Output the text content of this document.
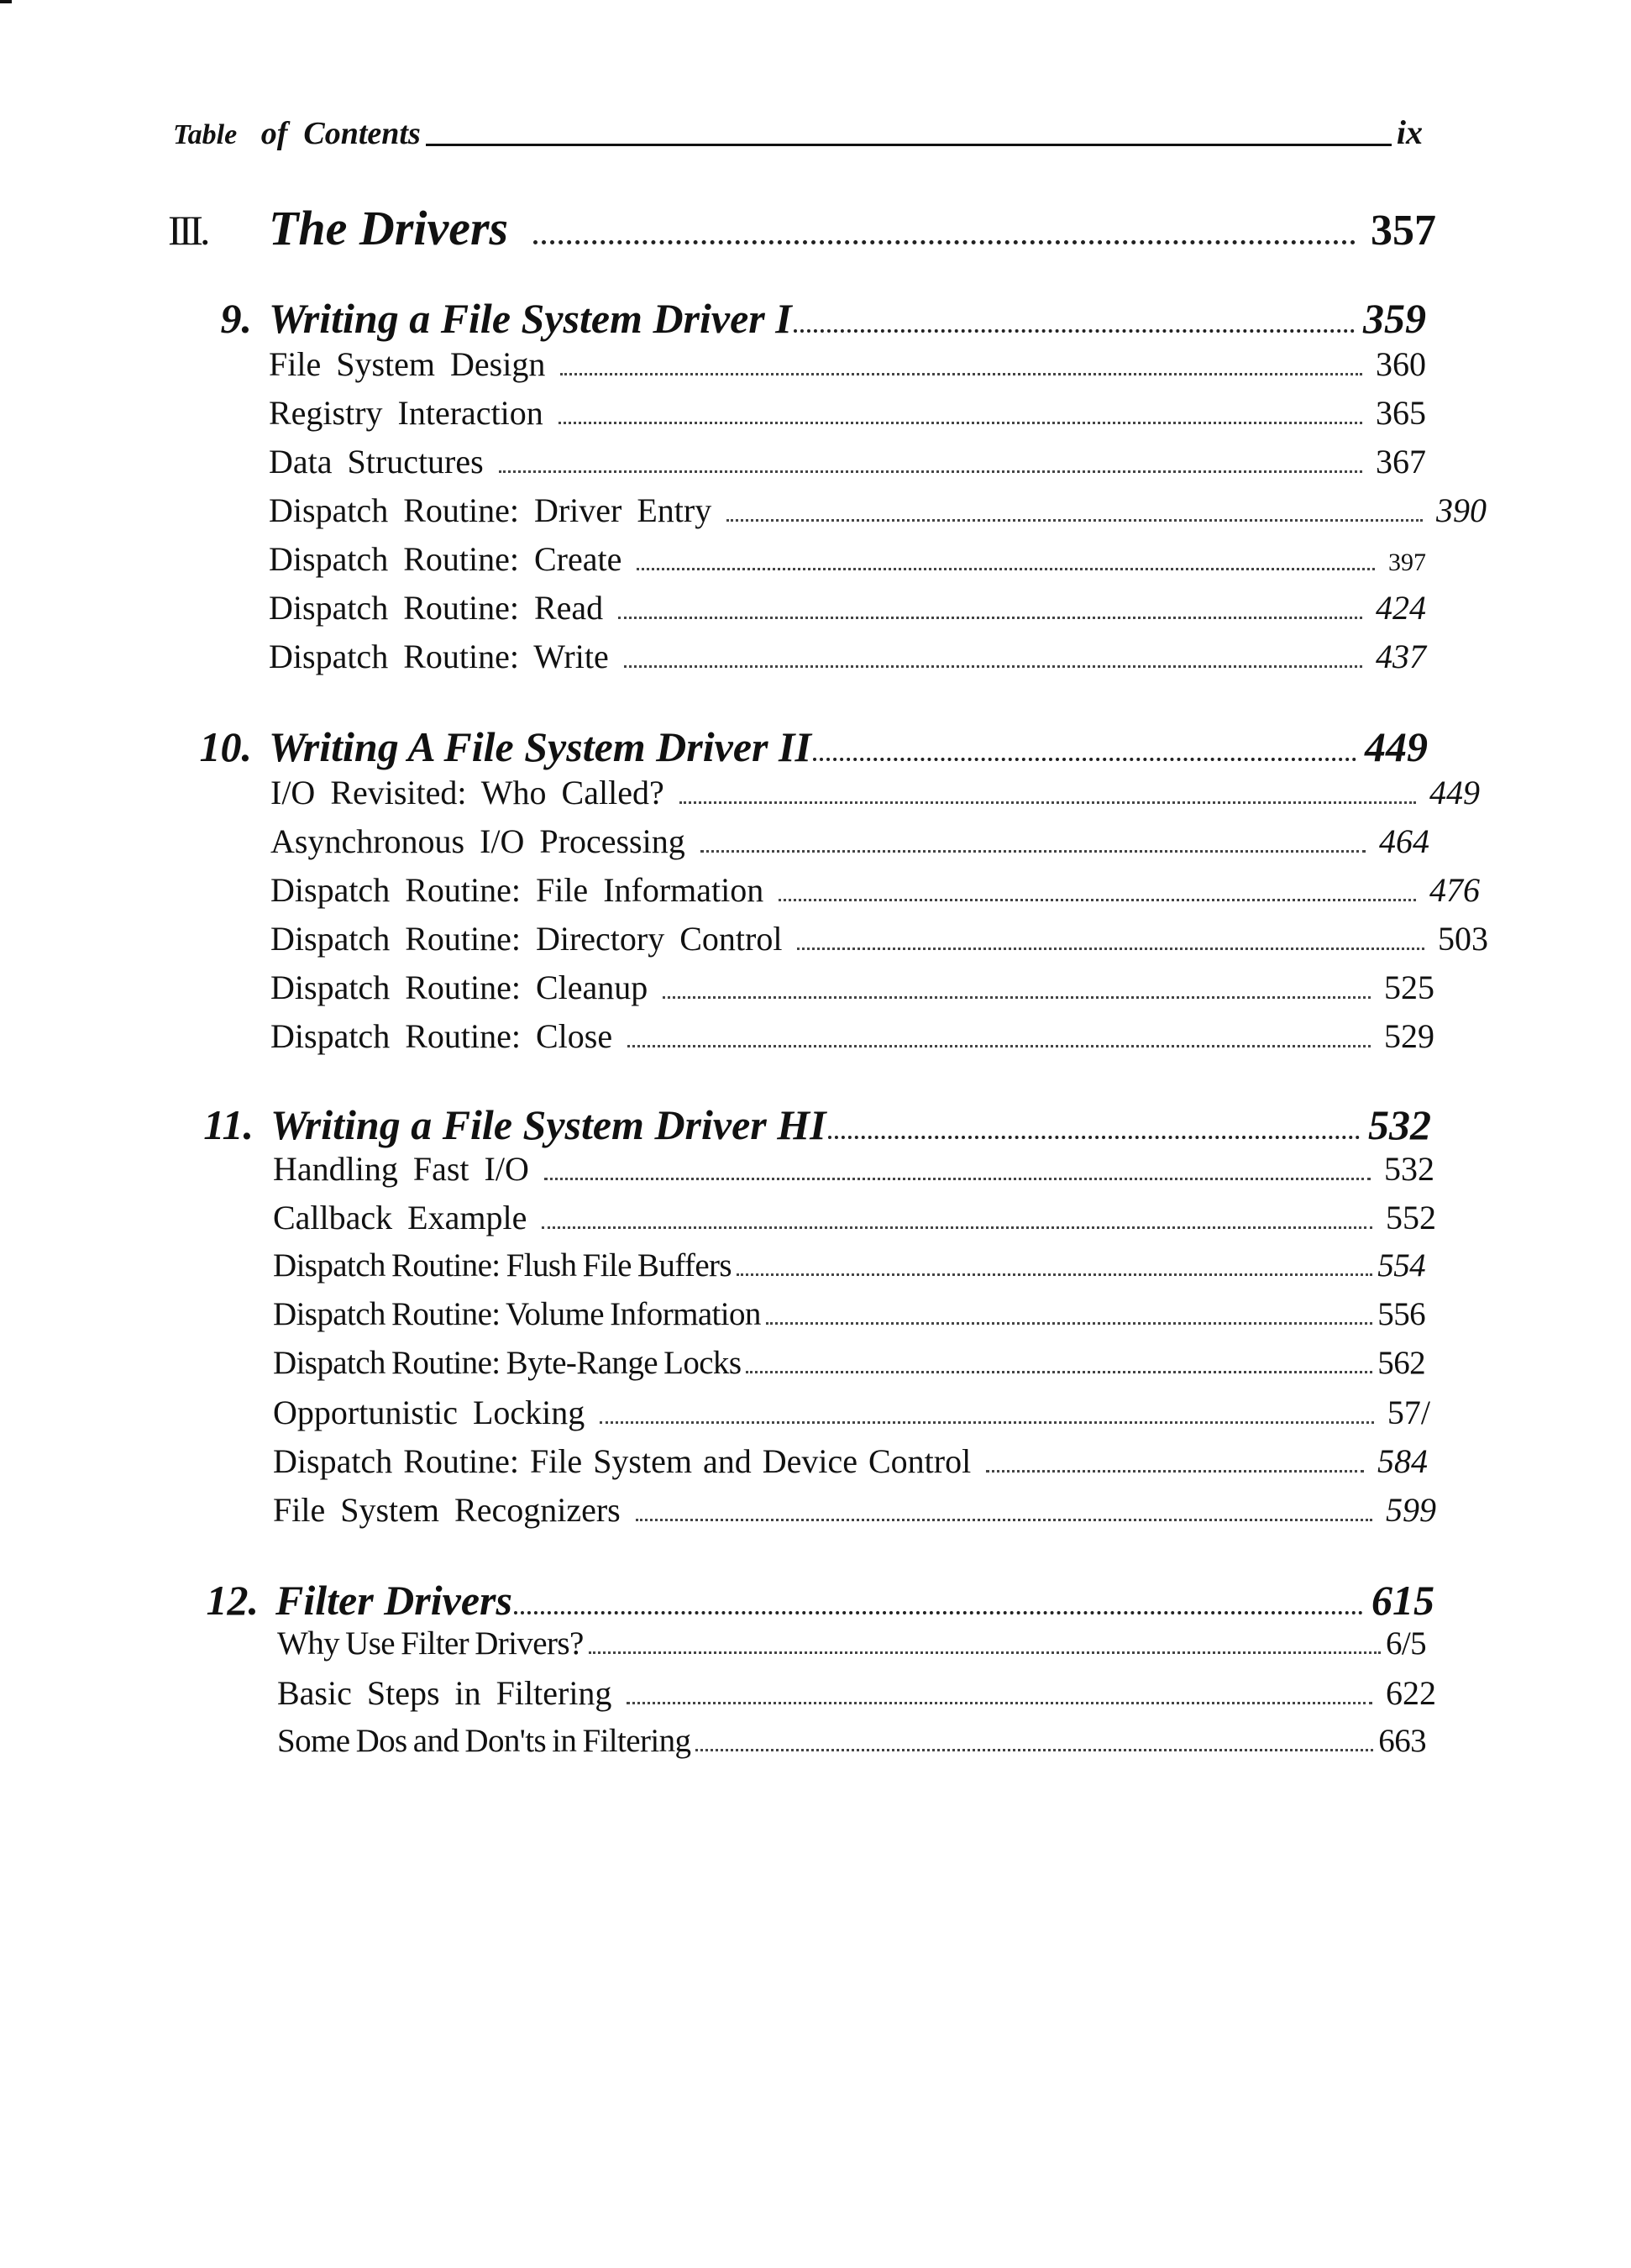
Table of Contents	ix
III.	The Drivers	357
9. Writing a File System Driver I	359
File System Design	360
Registry Interaction	365
Data Structures	367
Dispatch Routine: Driver Entry	390
Dispatch Routine: Create	397
Dispatch Routine: Read	424
Dispatch Routine: Write	437
10. Writing A File System Driver II	449
I/O Revisited: Who Called?	449
Asynchronous I/O Processing	464
Dispatch Routine: File Information	476
Dispatch Routine: Directory Control	503
Dispatch Routine: Cleanup	525
Dispatch Routine: Close	529
11. Writing a File System Driver HI	532
Handling Fast I/O	532
Callback Example	552
Dispatch Routine: Flush File Buffers	554
Dispatch Routine: Volume Information	556
Dispatch Routine: Byte-Range Locks	562
Opportunistic Locking	57/
Dispatch Routine: File System and Device Control	584
File System Recognizers	599
12. Filter Drivers	615
Why Use Filter Drivers?	6/5
Basic Steps in Filtering	622
Some Dos and Don'ts in Filtering	663
